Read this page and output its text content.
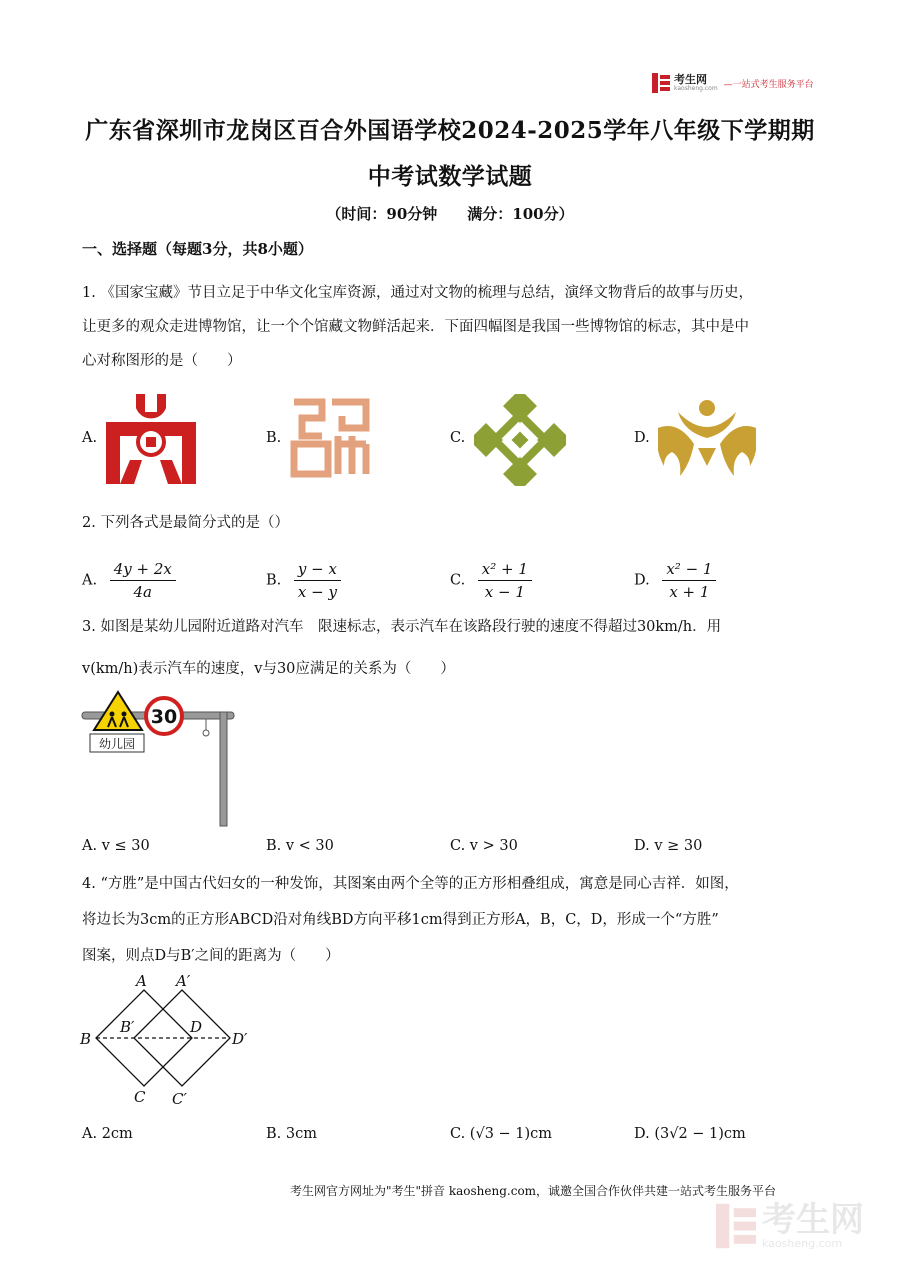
考生网
kaosheng.com —一站式考生服务平台
广东省深圳市龙岗区百合外国语学校2024-2025学年八年级下学期期
中考试数学试题
（时间：90分钟　　满分：100分）
一、选择题（每题3分，共8小题）
1. 《国家宝藏》节目立足于中华文化宝库资源，通过对文物的梳理与总结，演绎文物背后的故事与历史，
让更多的观众走进博物馆，让一个个馆藏文物鲜活起来．下面四幅图是我国一些博物馆的标志，其中是中
心对称图形的是（　　）
A.	B.	C.	D.
2. 下列各式是最简分式的是（）
A. $\frac{4y + 2x}{4a}$	B. $\frac{y - x}{x - y}$	C. $\frac{\text{x² + 1}}{x - 1}$	D. $\frac{\text{x² − 1}}{x + 1}$
3. 如图是某幼儿园附近道路对汽车　限速标志，表示汽车在该路段行驶的速度不得超过30km/h．用
v(km/h)表示汽车的速度，v与30应满足的关系为（　　）
30
幼儿园
A. v ≤ 30	B. v < 30	C. v > 30	D. v ≥ 30
4. “方胜”是中国古代妇女的一种发饰，其图案由两个全等的正方形相叠组成，寓意是同心吉祥．如图，
将边长为3cm的正方形ABCD沿对角线BD方向平移1cm得到正方形A，B，C，D，形成一个“方胜”
图案，则点D与B′之间的距离为（　　）
A A′
B
B′	D
D′
C C′
A. 2cm	B. 3cm	C. (√3 − 1)cm	D. (3√2 − 1)cm
考生网官方网址为"考生"拼音 kaosheng.com，诚邀全国合作伙伴共建一站式考生服务平台
考生网
kaosheng.com
